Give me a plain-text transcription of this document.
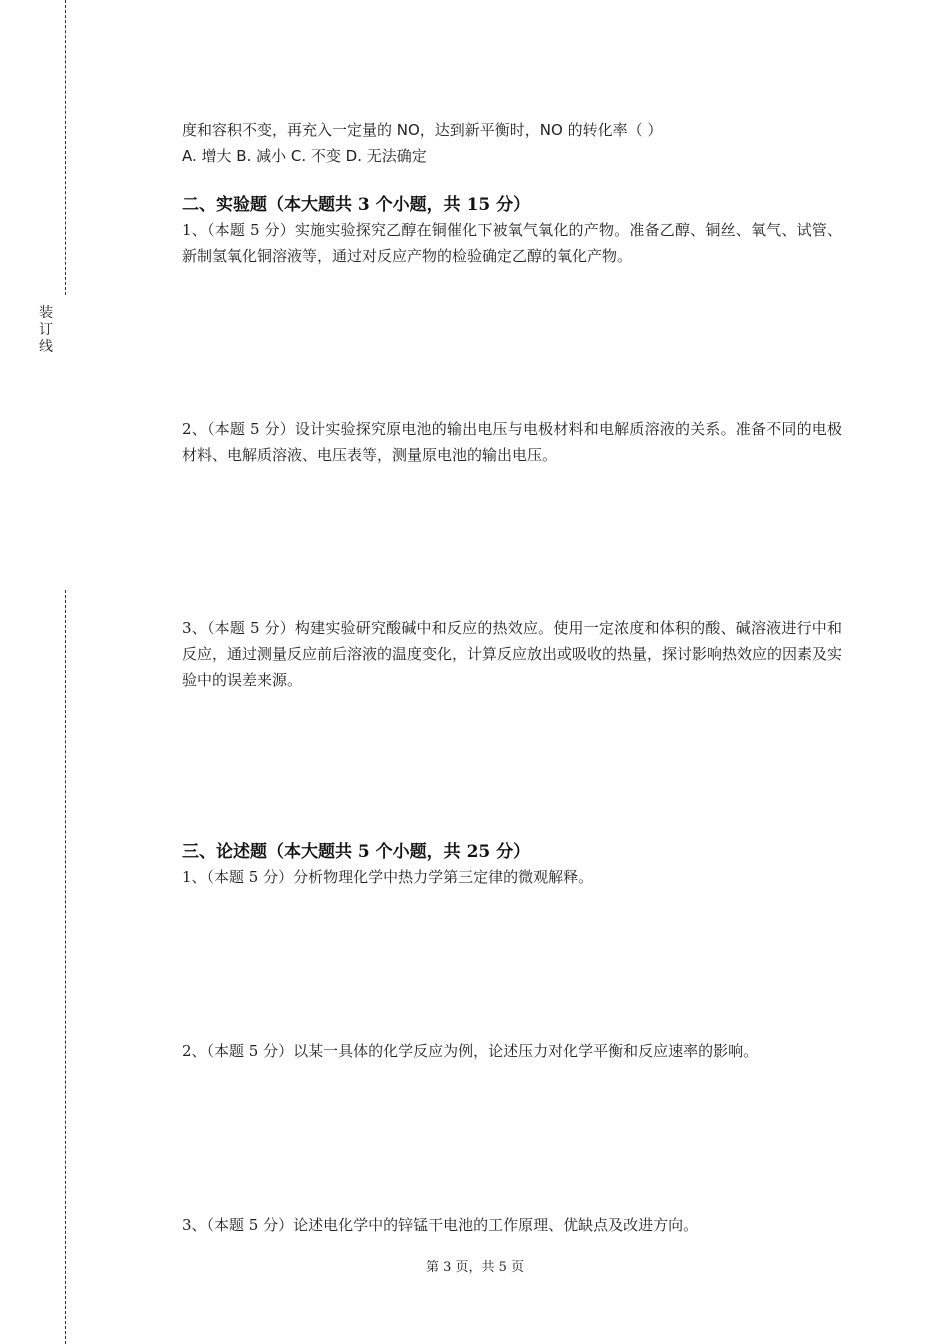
装
订
线
度和容积不变，再充入一定量的 NO，达到新平衡时，NO 的转化率（ ）
A. 增大 B. 减小 C. 不变 D. 无法确定
二、实验题（本大题共 3 个小题，共 15 分）
1、（本题 5 分）实施实验探究乙醇在铜催化下被氧气氧化的产物。准备乙醇、铜丝、氧气、试管、新制氢氧化铜溶液等，通过对反应产物的检验确定乙醇的氧化产物。
2、（本题 5 分）设计实验探究原电池的输出电压与电极材料和电解质溶液的关系。准备不同的电极材料、电解质溶液、电压表等，测量原电池的输出电压。
3、（本题 5 分）构建实验研究酸碱中和反应的热效应。使用一定浓度和体积的酸、碱溶液进行中和反应，通过测量反应前后溶液的温度变化，计算反应放出或吸收的热量，探讨影响热效应的因素及实验中的误差来源。
三、论述题（本大题共 5 个小题，共 25 分）
1、（本题 5 分）分析物理化学中热力学第三定律的微观解释。
2、（本题 5 分）以某一具体的化学反应为例，论述压力对化学平衡和反应速率的影响。
3、（本题 5 分）论述电化学中的锌锰干电池的工作原理、优缺点及改进方向。
第 3 页，共 5 页
